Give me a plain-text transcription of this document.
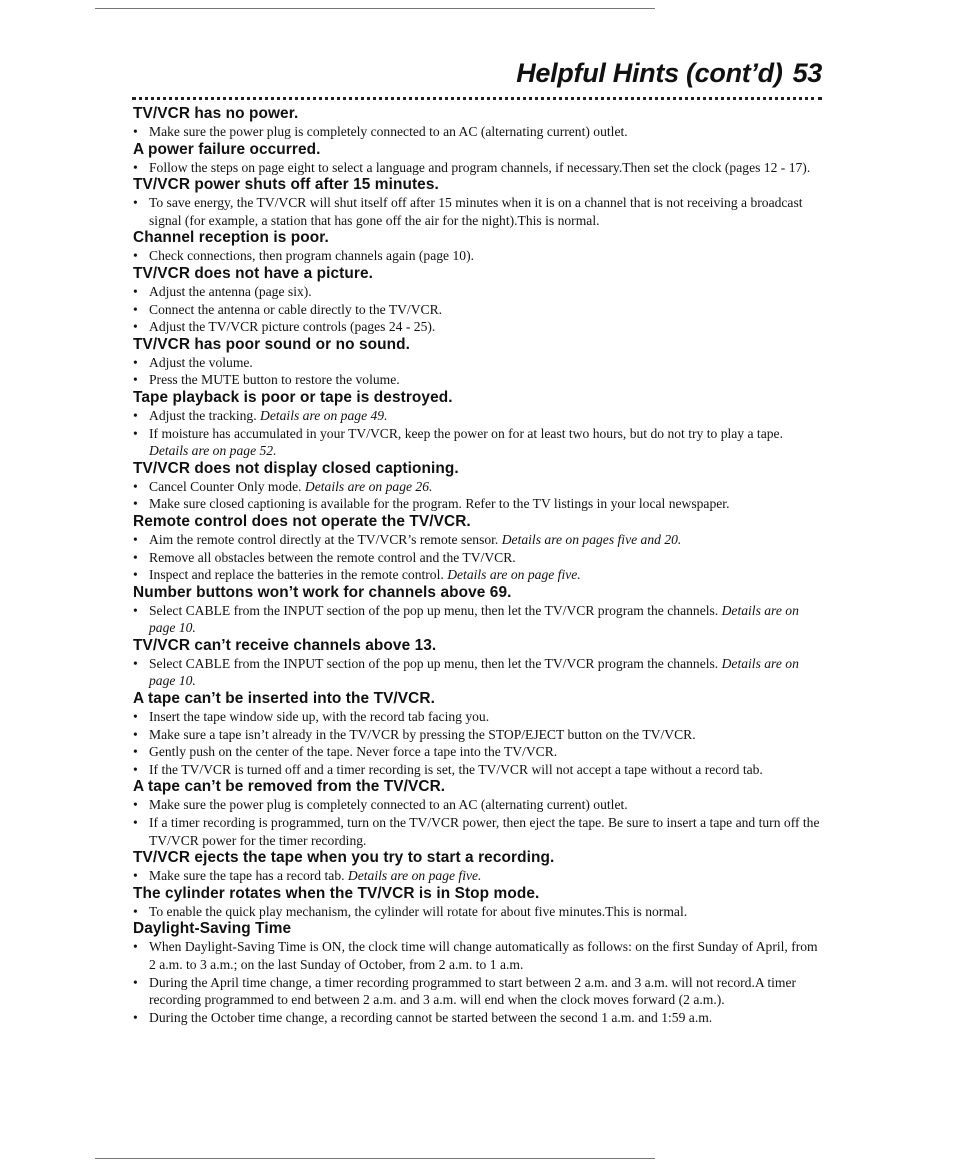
Helpful Hints (cont’d) 53
TV/VCR has no power.
• Make sure the power plug is completely connected to an AC (alternating current) outlet.
A power failure occurred.
• Follow the steps on page eight to select a language and program channels, if necessary.Then set the clock (pages 12 - 17).
TV/VCR power shuts off after 15 minutes.
• To save energy, the TV/VCR will shut itself off after 15 minutes when it is on a channel that is not receiving a broadcast signal (for example, a station that has gone off the air for the night).This is normal.
Channel reception is poor.
• Check connections, then program channels again (page 10).
TV/VCR does not have a picture.
• Adjust the antenna (page six).
• Connect the antenna or cable directly to the TV/VCR.
• Adjust the TV/VCR picture controls (pages 24 - 25).
TV/VCR has poor sound or no sound.
• Adjust the volume.
• Press the MUTE button to restore the volume.
Tape playback is poor or tape is destroyed.
• Adjust the tracking. Details are on page 49.
• If moisture has accumulated in your TV/VCR, keep the power on for at least two hours, but do not try to play a tape. Details are on page 52.
TV/VCR does not display closed captioning.
• Cancel Counter Only mode. Details are on page 26.
• Make sure closed captioning is available for the program. Refer to the TV listings in your local newspaper.
Remote control does not operate the TV/VCR.
• Aim the remote control directly at the TV/VCR’s remote sensor. Details are on pages five and 20.
• Remove all obstacles between the remote control and the TV/VCR.
• Inspect and replace the batteries in the remote control. Details are on page five.
Number buttons won’t work for channels above 69.
• Select CABLE from the INPUT section of the pop up menu, then let the TV/VCR program the channels. Details are on page 10.
TV/VCR can’t receive channels above 13.
• Select CABLE from the INPUT section of the pop up menu, then let the TV/VCR program the channels. Details are on page 10.
A tape can’t be inserted into the TV/VCR.
• Insert the tape window side up, with the record tab facing you.
• Make sure a tape isn’t already in the TV/VCR by pressing the STOP/EJECT button on the TV/VCR.
• Gently push on the center of the tape. Never force a tape into the TV/VCR.
• If the TV/VCR is turned off and a timer recording is set, the TV/VCR will not accept a tape without a record tab.
A tape can’t be removed from the TV/VCR.
• Make sure the power plug is completely connected to an AC (alternating current) outlet.
• If a timer recording is programmed, turn on the TV/VCR power, then eject the tape. Be sure to insert a tape and turn off the TV/VCR power for the timer recording.
TV/VCR ejects the tape when you try to start a recording.
• Make sure the tape has a record tab. Details are on page five.
The cylinder rotates when the TV/VCR is in Stop mode.
• To enable the quick play mechanism, the cylinder will rotate for about five minutes.This is normal.
Daylight-Saving Time
• When Daylight-Saving Time is ON, the clock time will change automatically as follows: on the first Sunday of April, from 2 a.m. to 3 a.m.; on the last Sunday of October, from 2 a.m. to 1 a.m.
• During the April time change, a timer recording programmed to start between 2 a.m. and 3 a.m. will not record.A timer recording programmed to end between 2 a.m. and 3 a.m. will end when the clock moves forward (2 a.m.).
• During the October time change, a recording cannot be started between the second 1 a.m. and 1:59 a.m.
